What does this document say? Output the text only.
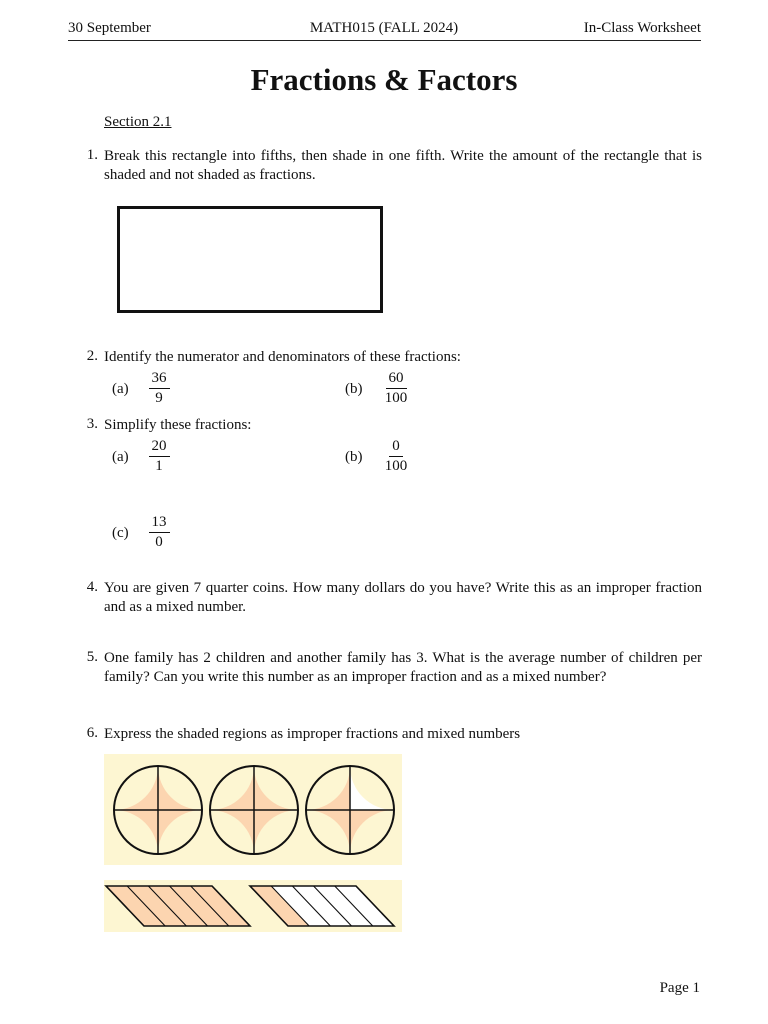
30 September	MATH015 (FALL 2024)	In-Class Worksheet
Fractions & Factors
Section 2.1
1. Break this rectangle into fifths, then shade in one fifth. Write the amount of the rectangle that is shaded and not shaded as fractions.
2. Identify the numerator and denominators of these fractions:
$(a) \frac{36}{9}$	$(b) \frac{60}{100}$
3. Simplify these fractions:
$(a) \frac{20}{1}$	$(b) \frac{0}{100}$
$(c) \frac{13}{0}$
4. You are given 7 quarter coins. How many dollars do you have? Write this as an improper fraction and as a mixed number.
5. One family has 2 children and another family has 3. What is the average number of children per family? Can you write this number as an improper fraction and as a mixed number?
6. Express the shaded regions as improper fractions and mixed numbers
Page 1
